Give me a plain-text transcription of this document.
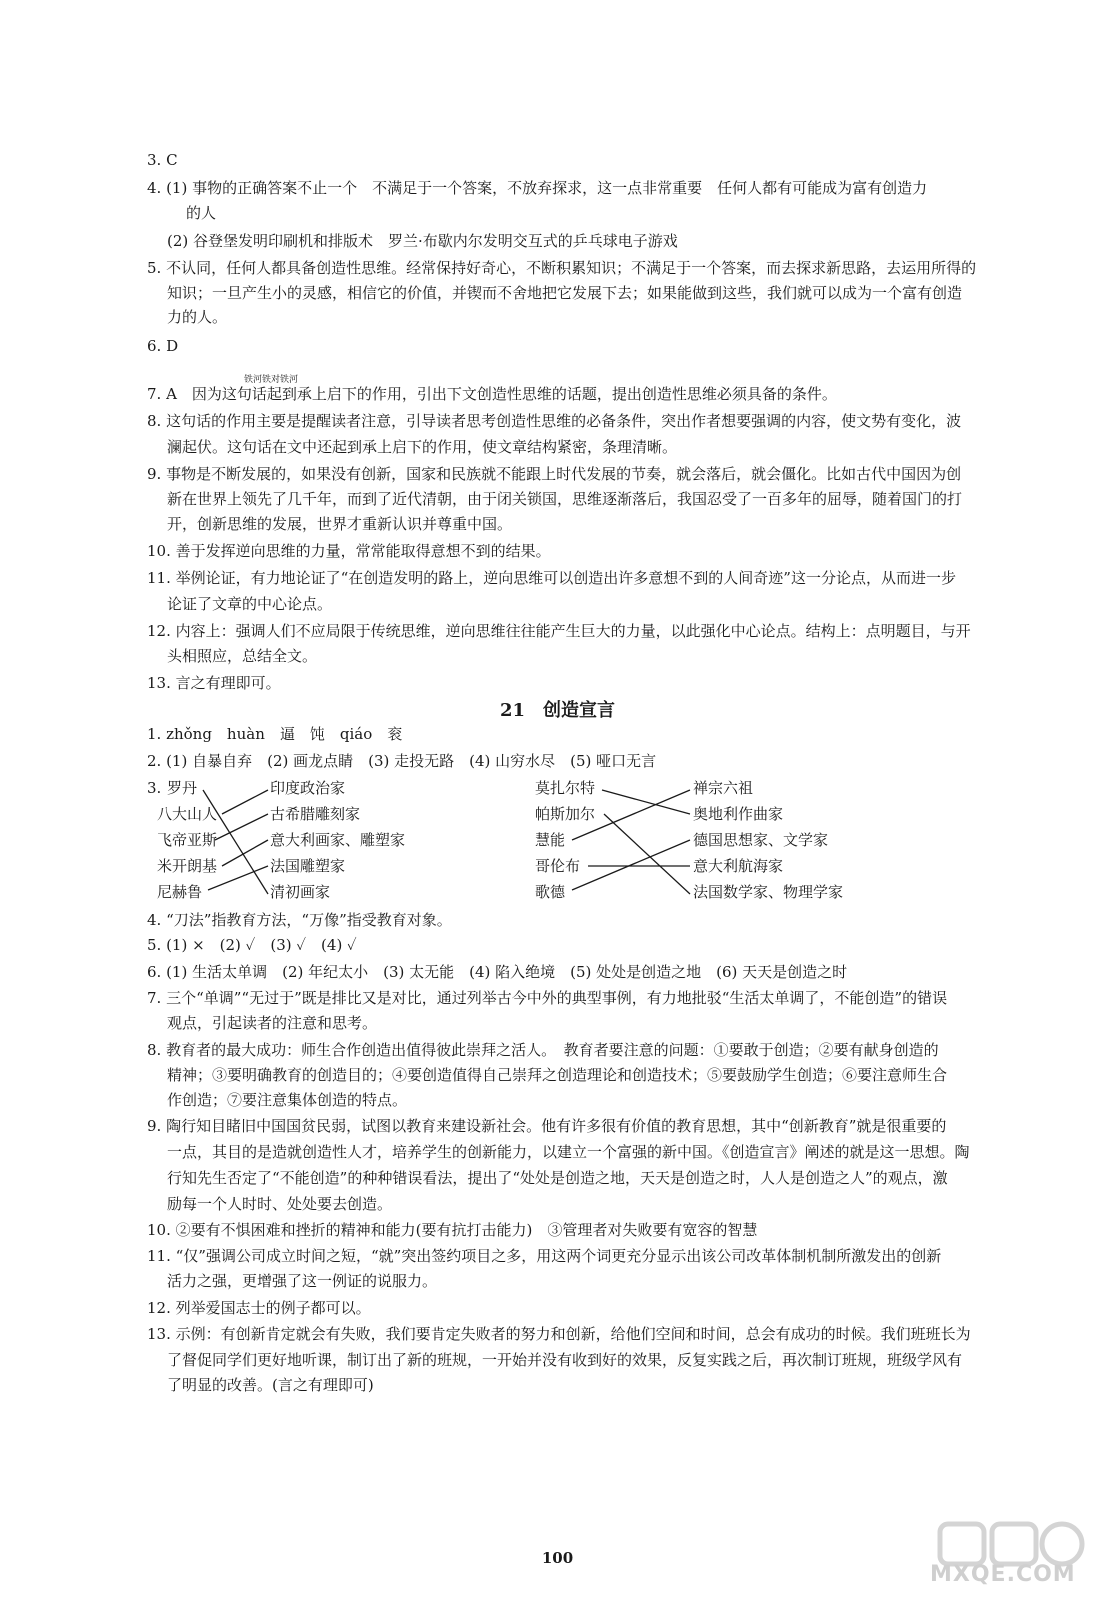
3. C
4. (1) 事物的正确答案不止一个　不满足于一个答案，不放弃探求，这一点非常重要　任何人都有可能成为富有创造力
的人
(2) 谷登堡发明印刷机和排版术　罗兰·布歇内尔发明交互式的乒乓球电子游戏
5. 不认同，任何人都具备创造性思维。经常保持好奇心，不断积累知识；不满足于一个答案，而去探求新思路，去运用所得的
知识；一旦产生小的灵感，相信它的价值，并锲而不舍地把它发展下去；如果能做到这些，我们就可以成为一个富有创造
力的人。
6. D
铁河铁对铁河
7. A　因为这句话起到承上启下的作用，引出下文创造性思维的话题，提出创造性思维必须具备的条件。
8. 这句话的作用主要是提醒读者注意，引导读者思考创造性思维的必备条件，突出作者想要强调的内容，使文势有变化，波
澜起伏。这句话在文中还起到承上启下的作用，使文章结构紧密，条理清晰。
9. 事物是不断发展的，如果没有创新，国家和民族就不能跟上时代发展的节奏，就会落后，就会僵化。比如古代中国因为创
新在世界上领先了几千年，而到了近代清朝，由于闭关锁国，思维逐渐落后，我国忍受了一百多年的屈辱，随着国门的打
开，创新思维的发展，世界才重新认识并尊重中国。
10. 善于发挥逆向思维的力量，常常能取得意想不到的结果。
11. 举例论证，有力地论证了“在创造发明的路上，逆向思维可以创造出许多意想不到的人间奇迹”这一分论点，从而进一步
论证了文章的中心论点。
12. 内容上：强调人们不应局限于传统思维，逆向思维往往能产生巨大的力量，以此强化中心论点。结构上：点明题目，与开
头相照应，总结全文。
13. 言之有理即可。
21　创造宣言
1. zhǒng　huàn　逼　饨　qiáo　衮
2. (1) 自暴自弃　(2) 画龙点睛　(3) 走投无路　(4) 山穷水尽　(5) 哑口无言
3. 罗丹
八大山人
飞帝亚斯
米开朗基
尼赫鲁
印度政治家
古希腊雕刻家
意大利画家、雕塑家
法国雕塑家
清初画家
莫扎尔特
帕斯加尔
慧能
哥伦布
歌德
禅宗六祖
奥地利作曲家
德国思想家、文学家
意大利航海家
法国数学家、物理学家
4. “刀法”指教育方法，“万像”指受教育对象。
5. (1) ×　(2) ✓　(3) ✓　(4) ✓
6. (1) 生活太单调　(2) 年纪太小　(3) 太无能　(4) 陷入绝境　(5) 处处是创造之地　(6) 天天是创造之时
7. 三个“单调”“无过于”既是排比又是对比，通过列举古今中外的典型事例，有力地批驳“生活太单调了，不能创造”的错误
观点，引起读者的注意和思考。
8. 教育者的最大成功：师生合作创造出值得彼此崇拜之活人。　教育者要注意的问题：①要敢于创造；②要有献身创造的
精神；③要明确教育的创造目的；④要创造值得自己崇拜之创造理论和创造技术；⑤要鼓励学生创造；⑥要注意师生合
作创造；⑦要注意集体创造的特点。
9. 陶行知目睹旧中国国贫民弱，试图以教育来建设新社会。他有许多很有价值的教育思想，其中“创新教育”就是很重要的
一点，其目的是造就创造性人才，培养学生的创新能力，以建立一个富强的新中国。《创造宣言》阐述的就是这一思想。陶
行知先生否定了“不能创造”的种种错误看法，提出了“处处是创造之地，天天是创造之时，人人是创造之人”的观点，激
励每一个人时时、处处要去创造。
10. ②要有不惧困难和挫折的精神和能力(要有抗打击能力)　③管理者对失败要有宽容的智慧
11. “仅”强调公司成立时间之短，“就”突出签约项目之多，用这两个词更充分显示出该公司改革体制机制所激发出的创新
活力之强，更增强了这一例证的说服力。
12. 列举爱国志士的例子都可以。
13. 示例：有创新肯定就会有失败，我们要肯定失败者的努力和创新，给他们空间和时间，总会有成功的时候。我们班班长为
了督促同学们更好地听课，制订出了新的班规，一开始并没有收到好的效果，反复实践之后，再次制订班规，班级学风有
了明显的改善。(言之有理即可)
100
MXQE.COM
